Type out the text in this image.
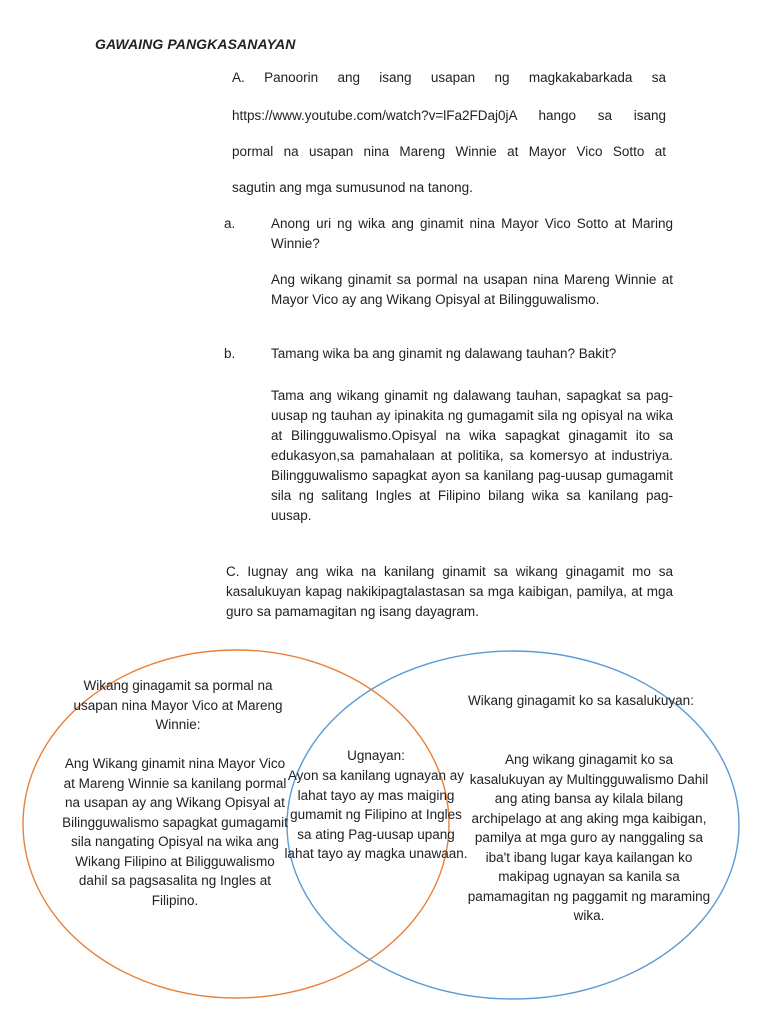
GAWAING PANGKASANAYAN
A. Panoorin ang isang usapan ng magkakabarkada sa
https://www.youtube.com/watch?v=lFa2FDaj0jA hango sa isang
pormal na usapan nina Mareng Winnie at Mayor Vico Sotto at
sagutin ang mga sumusunod na tanong.
a.	Anong uri ng wika ang ginamit nina Mayor Vico Sotto at Maring Winnie?
Ang wikang ginamit sa pormal na usapan nina Mareng Winnie at Mayor Vico ay ang Wikang Opisyal at Bilingguwalismo.
b.	Tamang wika ba ang ginamit ng dalawang tauhan? Bakit?
Tama ang wikang ginamit ng dalawang tauhan, sapagkat sa pag-uusap ng tauhan ay ipinakita ng gumagamit sila ng opisyal na wika at Bilingguwalismo.Opisyal na wika sapagkat ginagamit ito sa edukasyon,sa pamahalaan at politika, sa komersyo at industriya. Bilingguwalismo sapagkat ayon sa kanilang pag-uusap gumagamit sila ng salitang Ingles at Filipino bilang wika sa kanilang pag-uusap.
C. Iugnay ang wika na kanilang ginamit sa wikang ginagamit mo sa kasalukuyan kapag nakikipagtalastasan sa mga kaibigan, pamilya, at mga guro sa pamamagitan ng isang dayagram.
Wikang ginagamit sa pormal na usapan nina Mayor Vico at Mareng Winnie:
Ang Wikang ginamit nina Mayor Vico at Mareng Winnie sa kanilang pormal na usapan ay ang Wikang Opisyal at Bilingguwalismo sapagkat gumagamit sila nangating Opisyal na wika ang Wikang Filipino at Biligguwalismo dahil sa pagsasalita ng Ingles at Filipino.
Ugnayan:
Ayon sa kanilang ugnayan ay lahat tayo ay mas maiging gumamit ng Filipino at Ingles sa ating Pag-uusap upang lahat tayo ay magka unawaan.
Wikang ginagamit ko sa kasalukuyan:
Ang wikang ginagamit ko sa kasalukuyan ay Multingguwalismo Dahil ang ating bansa ay kilala bilang archipelago at ang aking mga kaibigan, pamilya at mga guro ay nanggaling sa iba't ibang lugar kaya kailangan ko makipag ugnayan sa kanila sa pamamagitan ng paggamit ng maraming wika.
